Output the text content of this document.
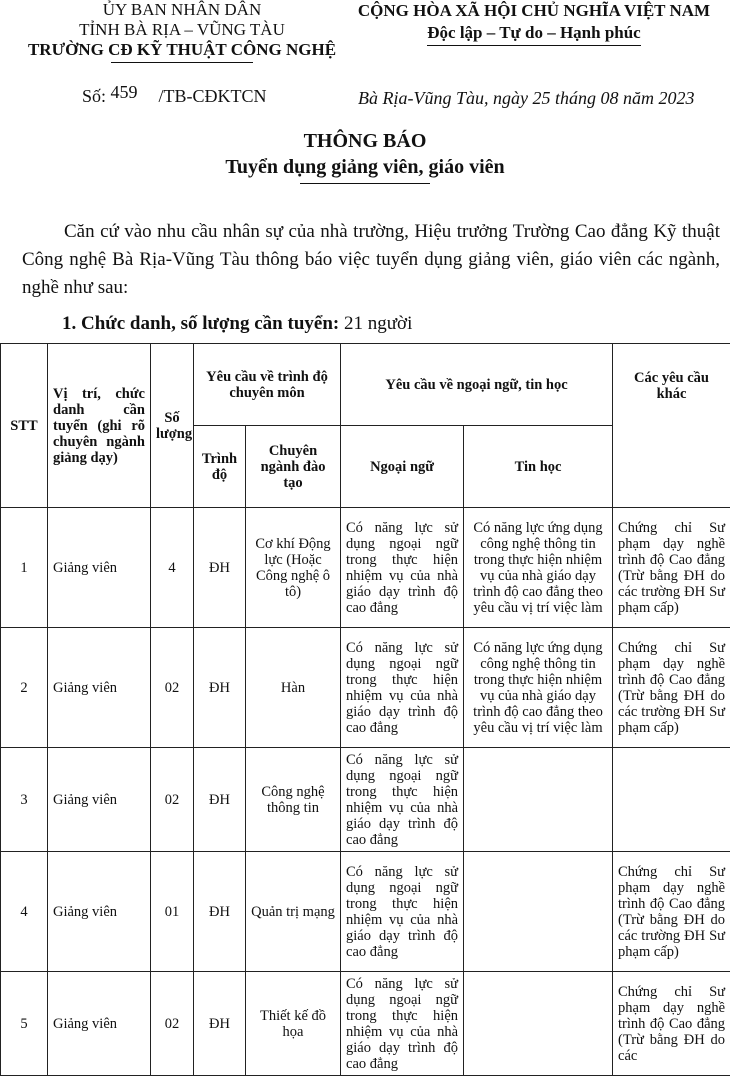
ỦY BAN NHÂN DÂN
TỈNH BÀ RỊA – VŨNG TÀU
TRƯỜNG CĐ KỸ THUẬT CÔNG NGHỆ
CỘNG HÒA XÃ HỘI CHỦ NGHĨA VIỆT NAM
Độc lập – Tự do – Hạnh phúc
Số: 459 /TB-CĐKTCN	Bà Rịa-Vũng Tàu, ngày 25 tháng 08 năm 2023
THÔNG BÁO
Tuyển dụng giảng viên, giáo viên
Căn cứ vào nhu cầu nhân sự của nhà trường, Hiệu trưởng Trường Cao đẳng Kỹ thuật Công nghệ Bà Rịa-Vũng Tàu thông báo việc tuyển dụng giảng viên, giáo viên các ngành, nghề như sau:
1. Chức danh, số lượng cần tuyển: 21 người
STT	Vị trí, chức danh cần tuyển (ghi rõ chuyên ngành giảng dạy)	Số lượng	Yêu cầu về trình độ chuyên môn		Yêu cầu về ngoại ngữ, tin học		Các yêu cầu khác
			Trình độ	Chuyên ngành đào tạo	Ngoại ngữ	Tin học	
1	Giảng viên	4	ĐH	Cơ khí Động lực (Hoặc Công nghệ ô tô)	Có năng lực sử dụng ngoại ngữ trong thực hiện nhiệm vụ của nhà giáo dạy trình độ cao đẳng	Có năng lực ứng dụng công nghệ thông tin trong thực hiện nhiệm vụ của nhà giáo dạy trình độ cao đẳng theo yêu cầu vị trí việc làm	Chứng chỉ Sư phạm dạy nghề trình độ Cao đẳng (Trừ bằng ĐH do các trường ĐH Sư phạm cấp)
2	Giảng viên	02	ĐH	Hàn	Có năng lực sử dụng ngoại ngữ trong thực hiện nhiệm vụ của nhà giáo dạy trình độ cao đẳng	Có năng lực ứng dụng công nghệ thông tin trong thực hiện nhiệm vụ của nhà giáo dạy trình độ cao đẳng theo yêu cầu vị trí việc làm	Chứng chỉ Sư phạm dạy nghề trình độ Cao đẳng (Trừ bằng ĐH do các trường ĐH Sư phạm cấp)
3	Giảng viên	02	ĐH	Công nghệ thông tin	Có năng lực sử dụng ngoại ngữ trong thực hiện nhiệm vụ của nhà giáo dạy trình độ cao đẳng		
4	Giảng viên	01	ĐH	Quản trị mạng	Có năng lực sử dụng ngoại ngữ trong thực hiện nhiệm vụ của nhà giáo dạy trình độ cao đẳng		Chứng chỉ Sư phạm dạy nghề trình độ Cao đẳng (Trừ bằng ĐH do các trường ĐH Sư phạm cấp)
5	Giảng viên	02	ĐH	Thiết kế đồ họa	Có năng lực sử dụng ngoại ngữ trong thực hiện nhiệm vụ của nhà giáo dạy trình độ cao đẳng		Chứng chỉ Sư phạm dạy nghề trình độ Cao đẳng (Trừ bằng ĐH do các
